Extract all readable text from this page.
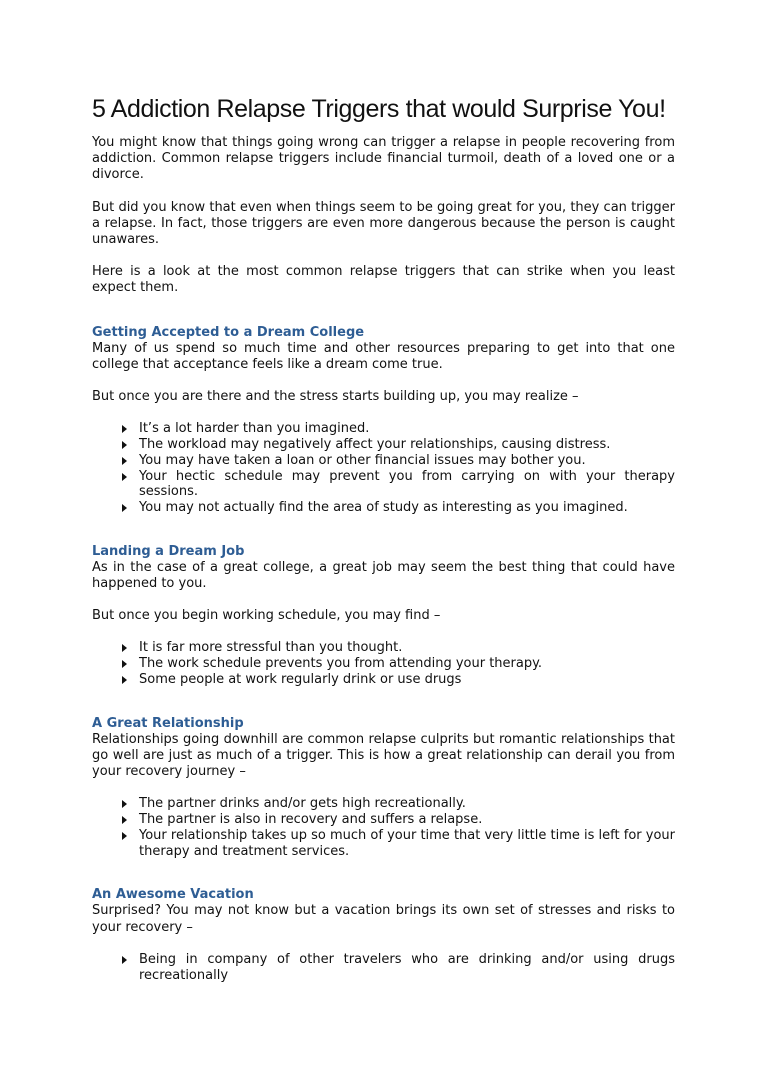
5 Addiction Relapse Triggers that would Surprise You!

You might know that things going wrong can trigger a relapse in people recovering from addiction. Common relapse triggers include financial turmoil, death of a loved one or a divorce.

But did you know that even when things seem to be going great for you, they can trigger a relapse. In fact, those triggers are even more dangerous because the person is caught unawares.

Here is a look at the most common relapse triggers that can strike when you least expect them.

Getting Accepted to a Dream College

Many of us spend so much time and other resources preparing to get into that one college that acceptance feels like a dream come true.

But once you are there and the stress starts building up, you may realize –

It’s a lot harder than you imagined.
The workload may negatively affect your relationships, causing distress.
You may have taken a loan or other financial issues may bother you.
Your hectic schedule may prevent you from carrying on with your therapy sessions.
You may not actually find the area of study as interesting as you imagined.
Landing a Dream Job

As in the case of a great college, a great job may seem the best thing that could have happened to you.

But once you begin working schedule, you may find –

It is far more stressful than you thought.
The work schedule prevents you from attending your therapy.
Some people at work regularly drink or use drugs
A Great Relationship

Relationships going downhill are common relapse culprits but romantic relationships that go well are just as much of a trigger. This is how a great relationship can derail you from your recovery journey –

The partner drinks and/or gets high recreationally.
The partner is also in recovery and suffers a relapse.
Your relationship takes up so much of your time that very little time is left for your therapy and treatment services.
An Awesome Vacation

Surprised? You may not know but a vacation brings its own set of stresses and risks to your recovery –

Being in company of other travelers who are drinking and/or using drugs recreationally
